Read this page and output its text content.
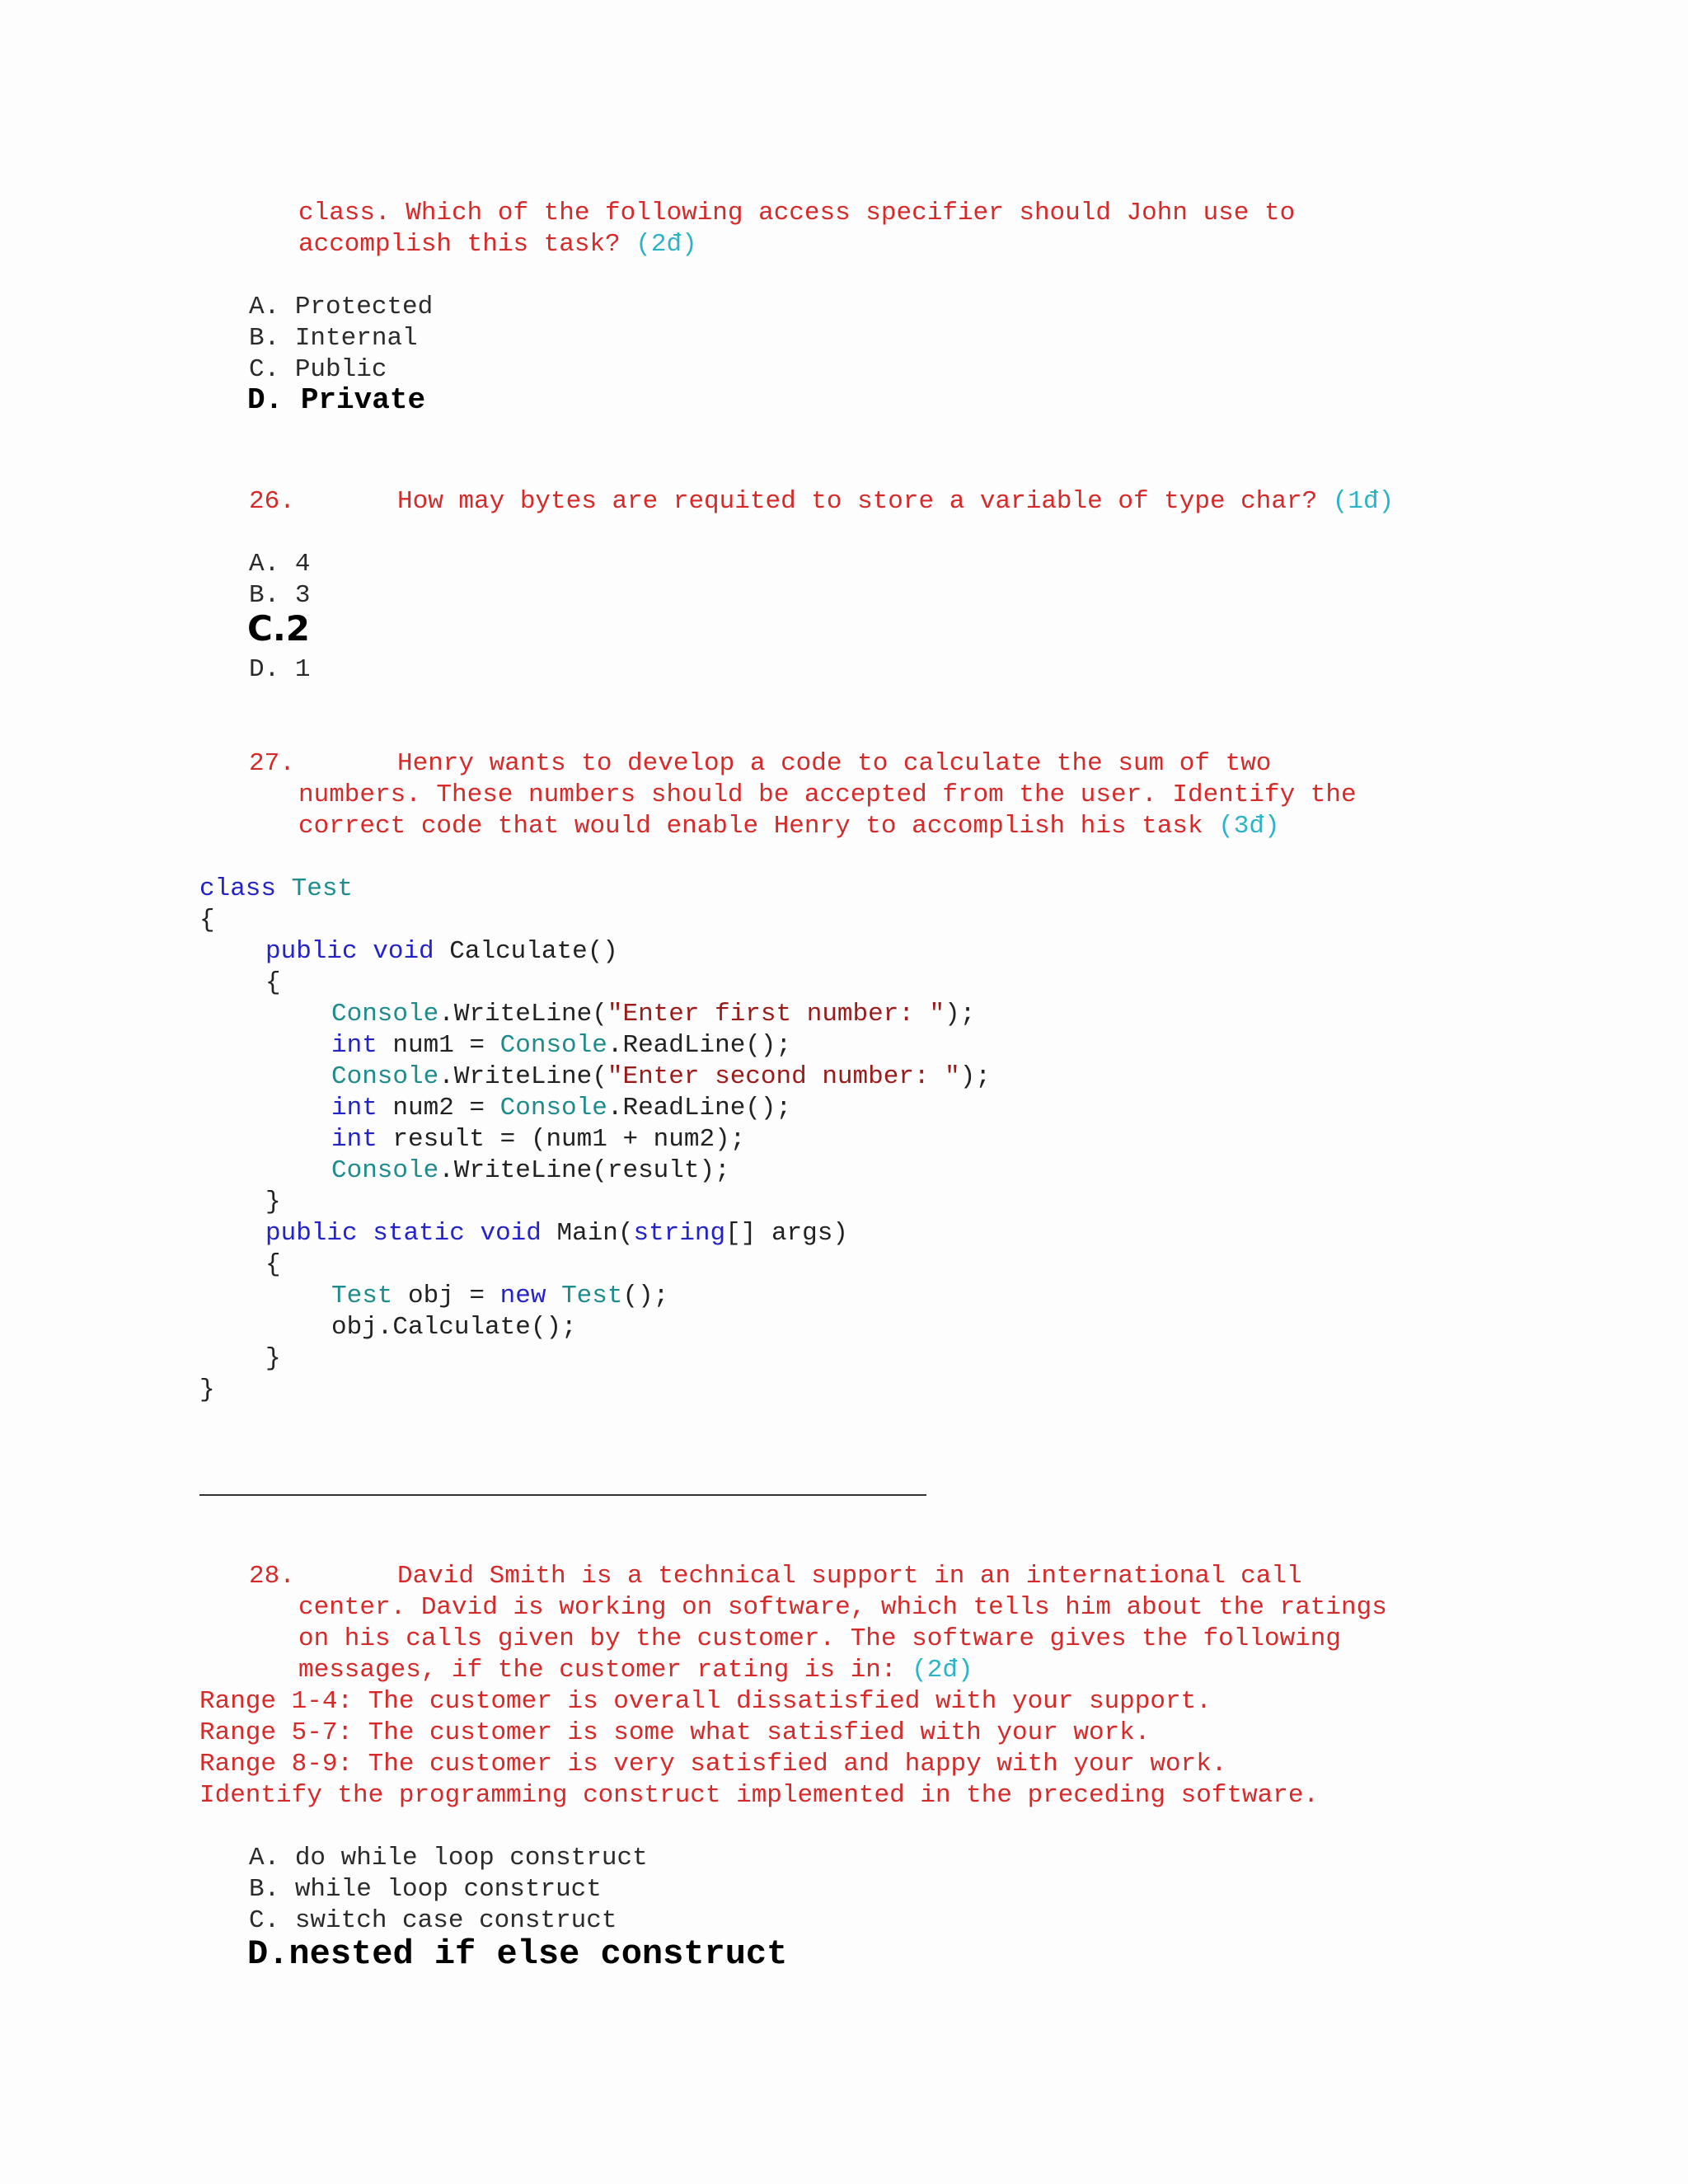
class. Which of the following access specifier should John use to
accomplish this task? (2đ)
A. Protected
B. Internal
C. Public
D. Private
26.	How may bytes are requited to store a variable of type char? (1đ)
A. 4
B. 3
C.2
D. 1
27.	Henry wants to develop a code to calculate the sum of two
numbers. These numbers should be accepted from the user. Identify the
correct code that would enable Henry to accomplish his task (3đ)
class Test
{
public void Calculate()
{
Console.WriteLine("Enter first number: ");
int num1 = Console.ReadLine();
Console.WriteLine("Enter second number: ");
int num2 = Console.ReadLine();
int result = (num1 + num2);
Console.WriteLine(result);
}
public static void Main(string[] args)
{
Test obj = new Test();
obj.Calculate();
}
}
28.	David Smith is a technical support in an international call
center. David is working on software, which tells him about the ratings
on his calls given by the customer. The software gives the following
messages, if the customer rating is in: (2đ)
Range 1-4: The customer is overall dissatisfied with your support.
Range 5-7: The customer is some what satisfied with your work.
Range 8-9: The customer is very satisfied and happy with your work.
Identify the programming construct implemented in the preceding software.
A. do while loop construct
B. while loop construct
C. switch case construct
D.nested if else construct
